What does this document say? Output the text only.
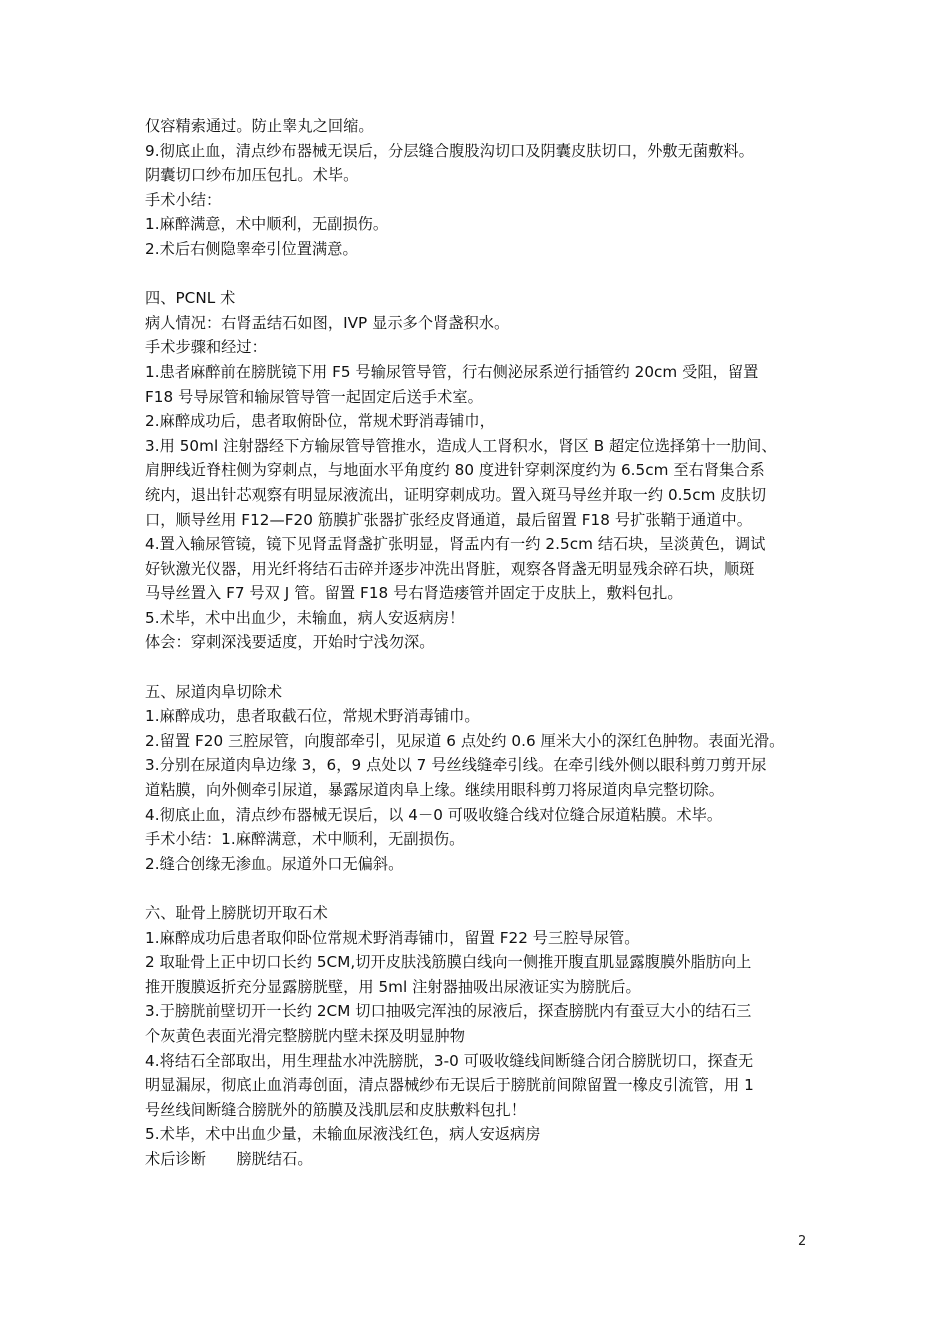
仅容精索通过。防止睾丸之回缩。
9.彻底止血，清点纱布器械无误后，分层缝合腹股沟切口及阴囊皮肤切口，外敷无菌敷料。
阴囊切口纱布加压包扎。术毕。
手术小结：
1.麻醉满意，术中顺利，无副损伤。
2.术后右侧隐睾牵引位置满意。
四、PCNL 术
病人情况：右肾盂结石如图，IVP 显示多个肾盏积水。
手术步骤和经过：
1.患者麻醉前在膀胱镜下用 F5 号输尿管导管，行右侧泌尿系逆行插管约 20cm 受阻，留置
F18 号导尿管和输尿管导管一起固定后送手术室。
2.麻醉成功后，患者取俯卧位，常规术野消毒铺巾，
3.用 50ml 注射器经下方输尿管导管推水，造成人工肾积水，肾区 B 超定位选择第十一肋间、
肩胛线近脊柱侧为穿刺点，与地面水平角度约 80 度进针穿刺深度约为 6.5cm 至右肾集合系
统内，退出针芯观察有明显尿液流出，证明穿刺成功。置入斑马导丝并取一约 0.5cm 皮肤切
口，顺导丝用 F12—F20 筋膜扩张器扩张经皮肾通道，最后留置 F18 号扩张鞘于通道中。
4.置入输尿管镜，镜下见肾盂肾盏扩张明显，肾盂内有一约 2.5cm 结石块，呈淡黄色，调试
好钬激光仪器，用光纤将结石击碎并逐步冲洗出肾脏，观察各肾盏无明显残余碎石块，顺斑
马导丝置入 F7 号双 J 管。留置 F18 号右肾造瘘管并固定于皮肤上，敷料包扎。
5.术毕，术中出血少，未输血，病人安返病房！
体会：穿刺深浅要适度，开始时宁浅勿深。
五、尿道肉阜切除术
1.麻醉成功，患者取截石位，常规术野消毒铺巾。
2.留置 F20 三腔尿管，向腹部牵引，见尿道 6 点处约 0.6 厘米大小的深红色肿物。表面光滑。
3.分别在尿道肉阜边缘 3，6，9 点处以 7 号丝线缝牵引线。在牵引线外侧以眼科剪刀剪开尿
道粘膜，向外侧牵引尿道，暴露尿道肉阜上缘。继续用眼科剪刀将尿道肉阜完整切除。
4.彻底止血，清点纱布器械无误后，以 4－0 可吸收缝合线对位缝合尿道粘膜。术毕。
手术小结：1.麻醉满意，术中顺利，无副损伤。
2.缝合创缘无渗血。尿道外口无偏斜。
六、耻骨上膀胱切开取石术
1.麻醉成功后患者取仰卧位常规术野消毒铺巾，留置 F22 号三腔导尿管。
2 取耻骨上正中切口长约 5CM,切开皮肤浅筋膜白线向一侧推开腹直肌显露腹膜外脂肪向上
推开腹膜返折充分显露膀胱壁，用 5ml 注射器抽吸出尿液证实为膀胱后。
3.于膀胱前壁切开一长约 2CM 切口抽吸完浑浊的尿液后，探查膀胱内有蚕豆大小的结石三
个灰黄色表面光滑完整膀胱内壁未探及明显肿物
4.将结石全部取出，用生理盐水冲洗膀胱，3-0 可吸收缝线间断缝合闭合膀胱切口，探查无
明显漏尿，彻底止血消毒创面，清点器械纱布无误后于膀胱前间隙留置一橡皮引流管，用 1
号丝线间断缝合膀胱外的筋膜及浅肌层和皮肤敷料包扎！
5.术毕，术中出血少量，未输血尿液浅红色，病人安返病房
术后诊断　　膀胱结石。
2
